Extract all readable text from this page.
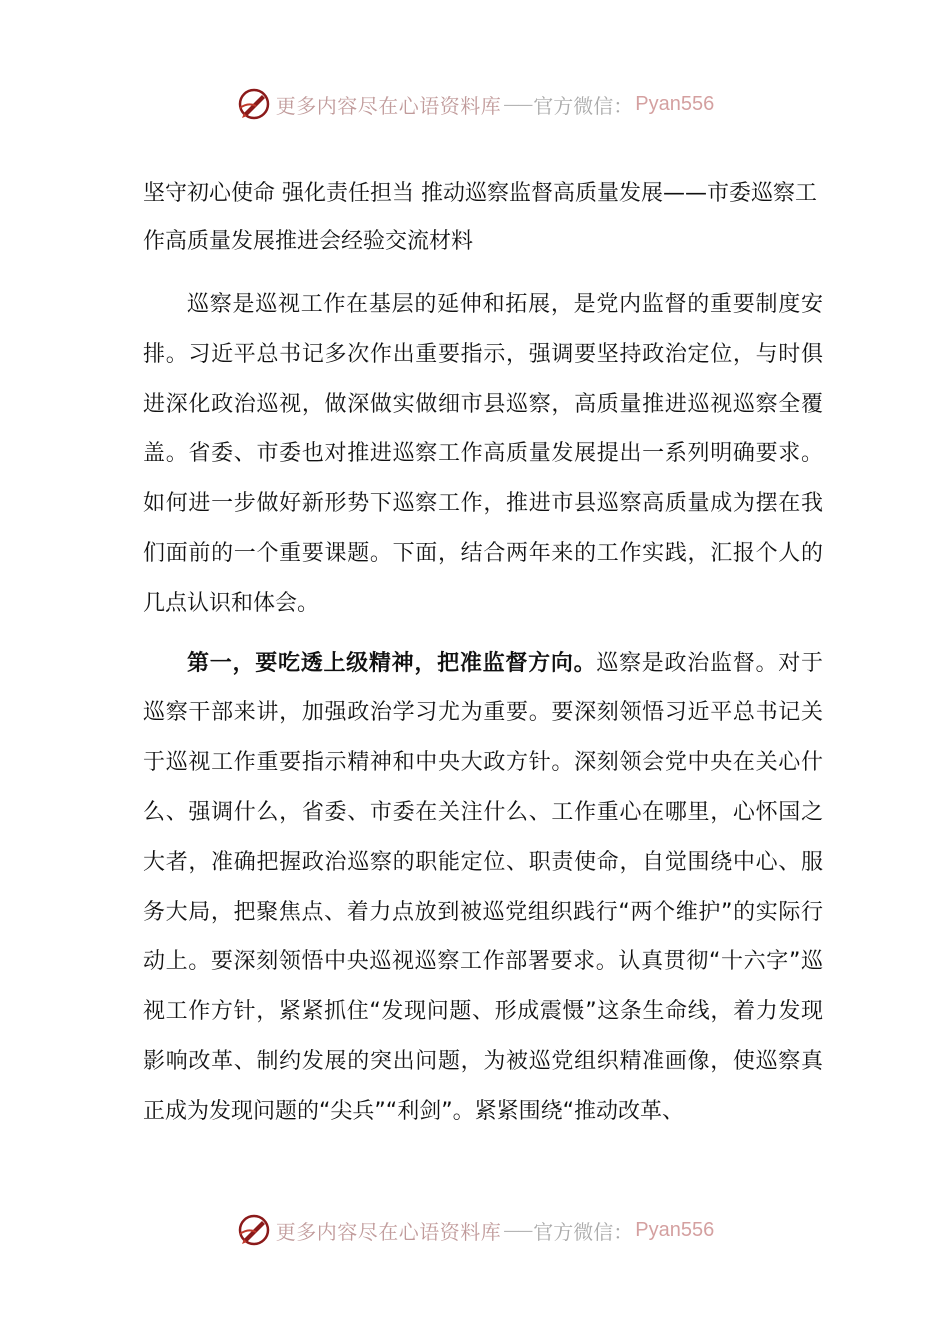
更多内容尽在心语资料库 —— 官方微信： Pyan556
坚守初心使命 强化责任担当 推动巡察监督高质量发展——市委巡察工作高质量发展推进会经验交流材料

巡察是巡视工作在基层的延伸和拓展，是党内监督的重要制度安排。习近平总书记多次作出重要指示，强调要坚持政治定位，与时俱进深化政治巡视，做深做实做细市县巡察，高质量推进巡视巡察全覆盖。省委、市委也对推进巡察工作高质量发展提出一系列明确要求。如何进一步做好新形势下巡察工作，推进市县巡察高质量成为摆在我们面前的一个重要课题。下面，结合两年来的工作实践，汇报个人的几点认识和体会。

第一，要吃透上级精神，把准监督方向。巡察是政治监督。对于巡察干部来讲，加强政治学习尤为重要。要深刻领悟习近平总书记关于巡视工作重要指示精神和中央大政方针。深刻领会党中央在关心什么、强调什么，省委、市委在关注什么、工作重心在哪里，心怀国之大者，准确把握政治巡察的职能定位、职责使命，自觉围绕中心、服务大局，把聚焦点、着力点放到被巡党组织践行“两个维护”的实际行动上。要深刻领悟中央巡视巡察工作部署要求。认真贯彻“十六字”巡视工作方针，紧紧抓住“发现问题、形成震慑”这条生命线，着力发现影响改革、制约发展的突出问题，为被巡党组织精准画像，使巡察真正成为发现问题的“尖兵”“利剑”。紧紧围绕“推动改革、

更多内容尽在心语资料库 —— 官方微信： Pyan556
